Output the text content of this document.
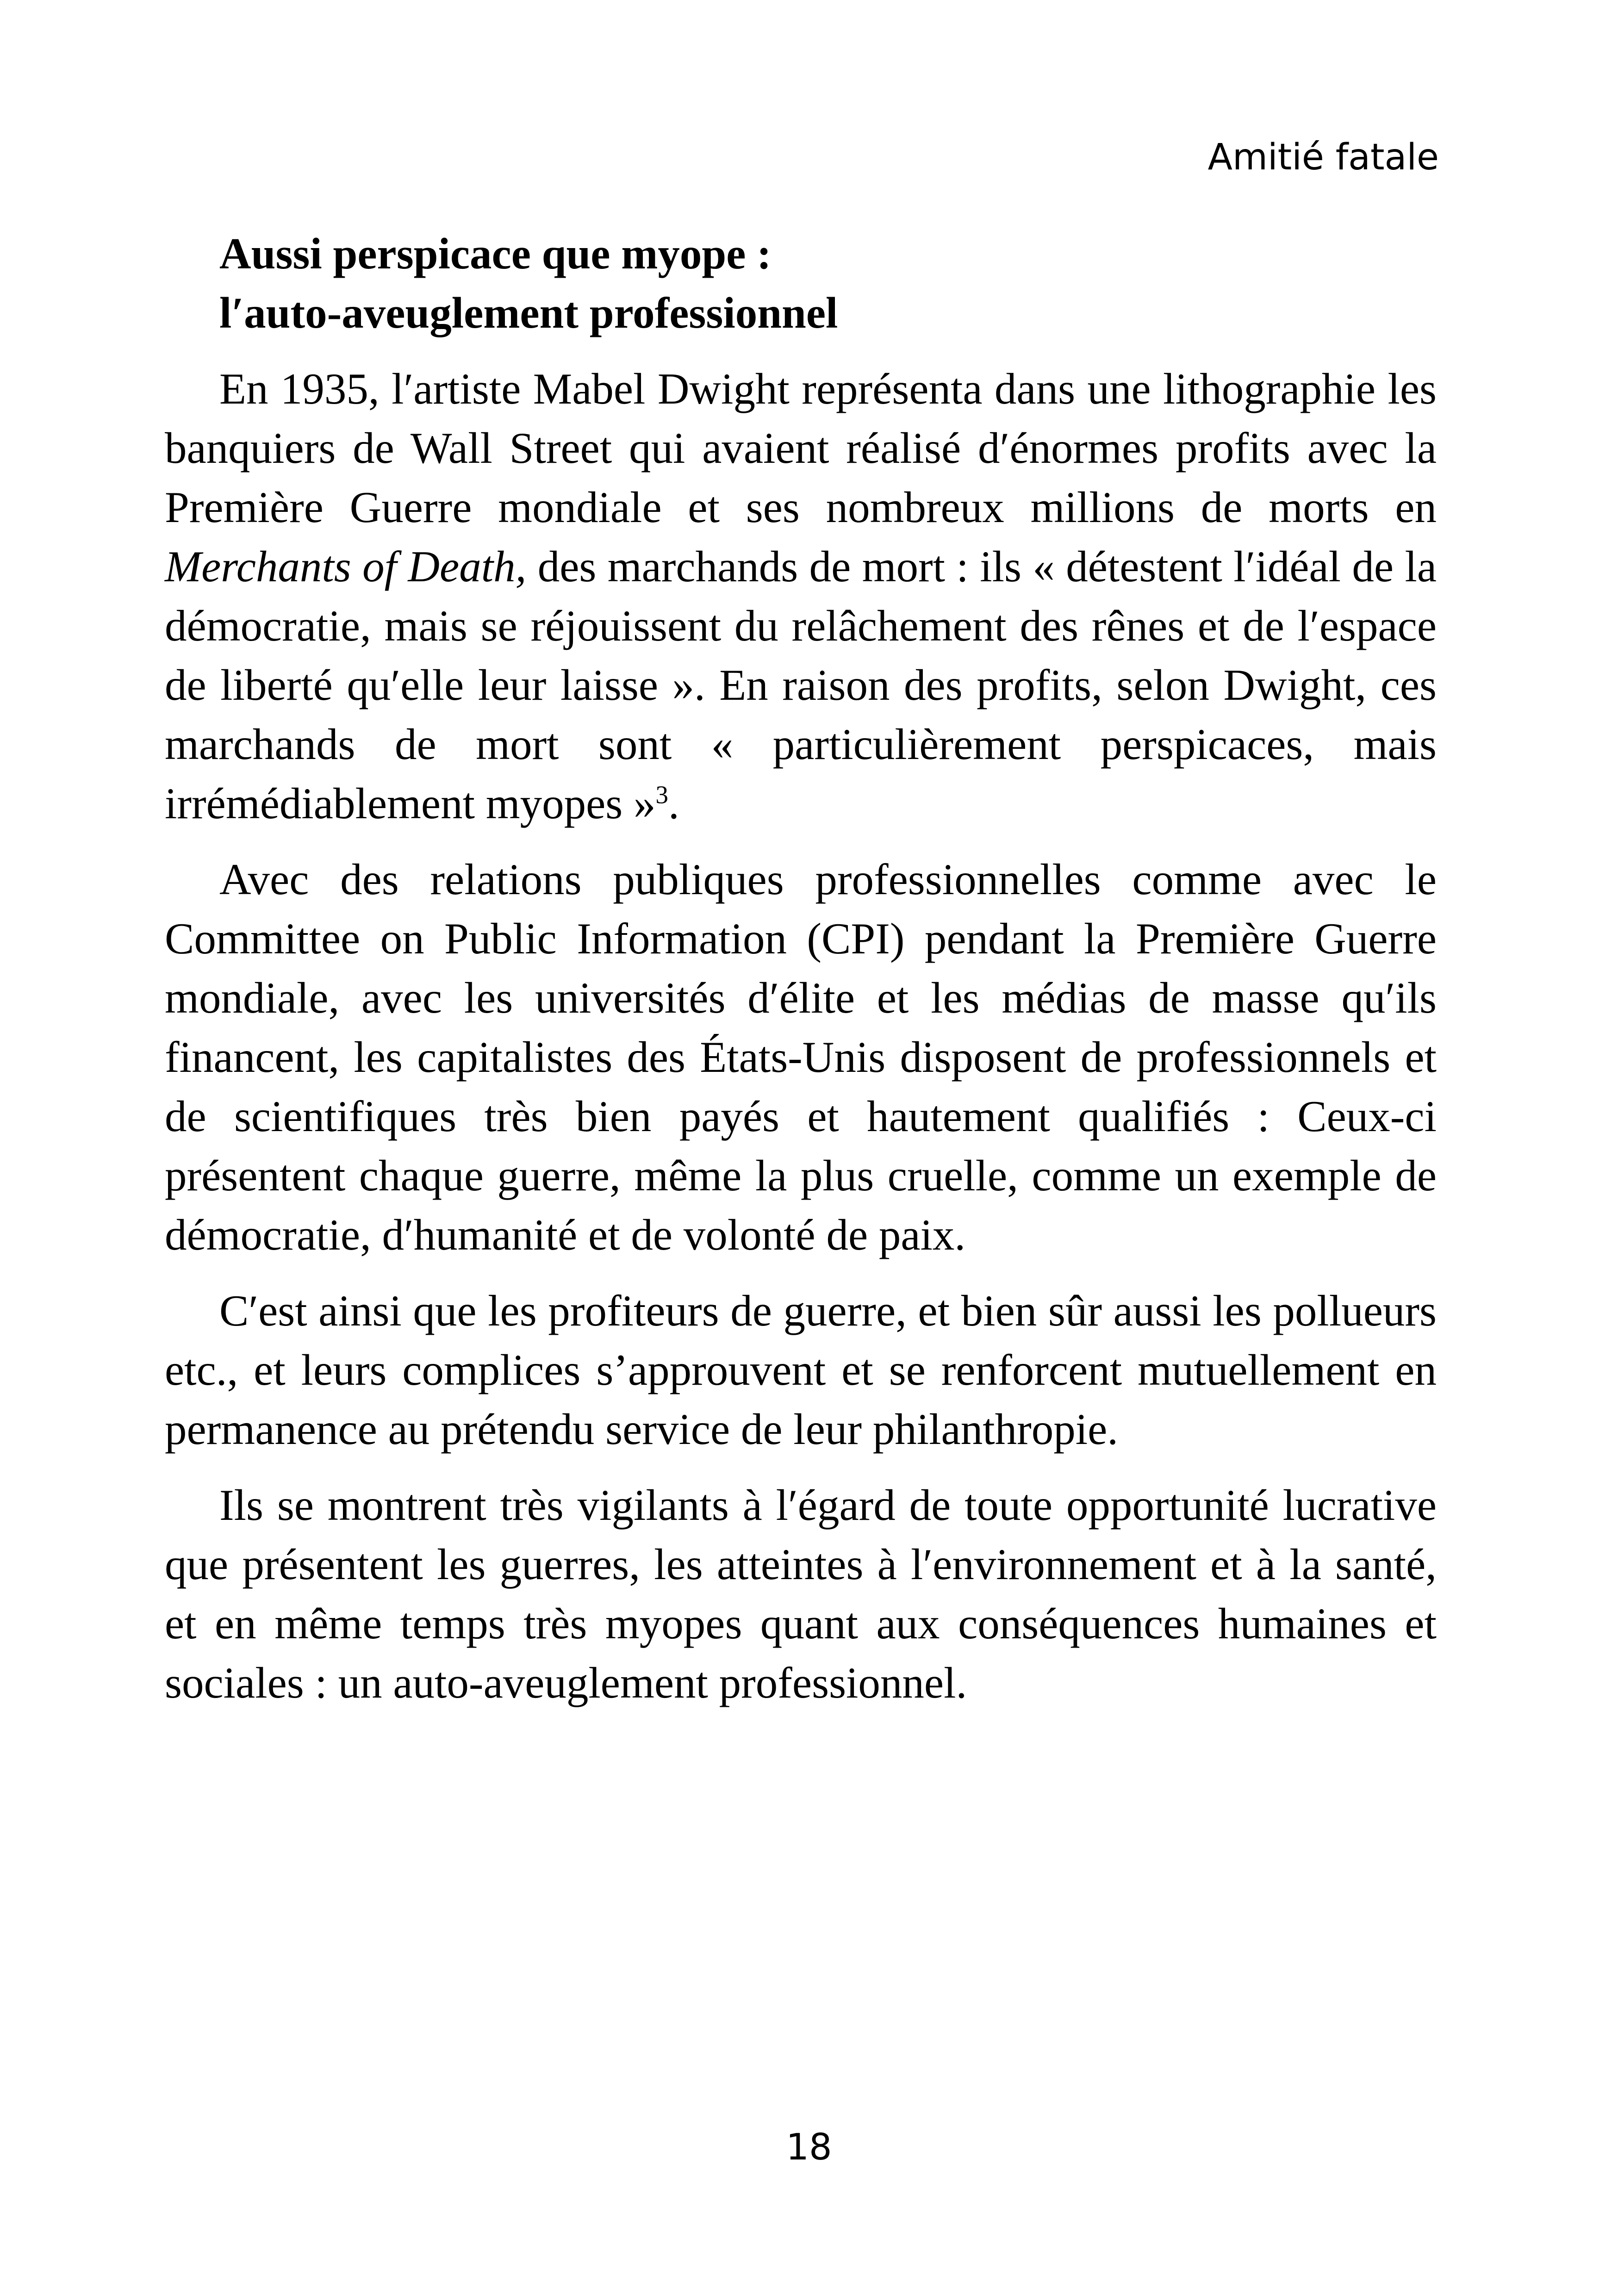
Amitié fatale
Aussi perspicace que myope :
l′auto-aveuglement professionnel

En 1935, l′artiste Mabel Dwight représenta dans une lithographie les banquiers de Wall Street qui avaient réalisé d′énormes profits avec la Première Guerre mondiale et ses nombreux millions de morts en Merchants of Death, des marchands de mort : ils « détestent l′idéal de la démocratie, mais se réjouissent du relâchement des rênes et de l′espace de liberté qu′elle leur laisse ». En raison des profits, selon Dwight, ces marchands de mort sont « particulièrement perspicaces, mais irrémédiablement myopes »$^3$.

Avec des relations publiques professionnelles comme avec le Committee on Public Information (CPI) pendant la Première Guerre mondiale, avec les universités d′élite et les médias de masse qu′ils financent, les capitalistes des États-Unis disposent de professionnels et de scientifiques très bien payés et hautement qualifiés : Ceux-ci présentent chaque guerre, même la plus cruelle, comme un exemple de démocratie, d′humanité et de volonté de paix.

C′est ainsi que les profiteurs de guerre, et bien sûr aussi les pollueurs etc., et leurs complices s’approuvent et se renforcent mutuellement en permanence au prétendu service de leur philanthropie.

Ils se montrent très vigilants à l′égard de toute opportunité lucrative que présentent les guerres, les atteintes à l′environnement et à la santé, et en même temps très myopes quant aux conséquences humaines et sociales : un auto-aveuglement professionnel.

18
